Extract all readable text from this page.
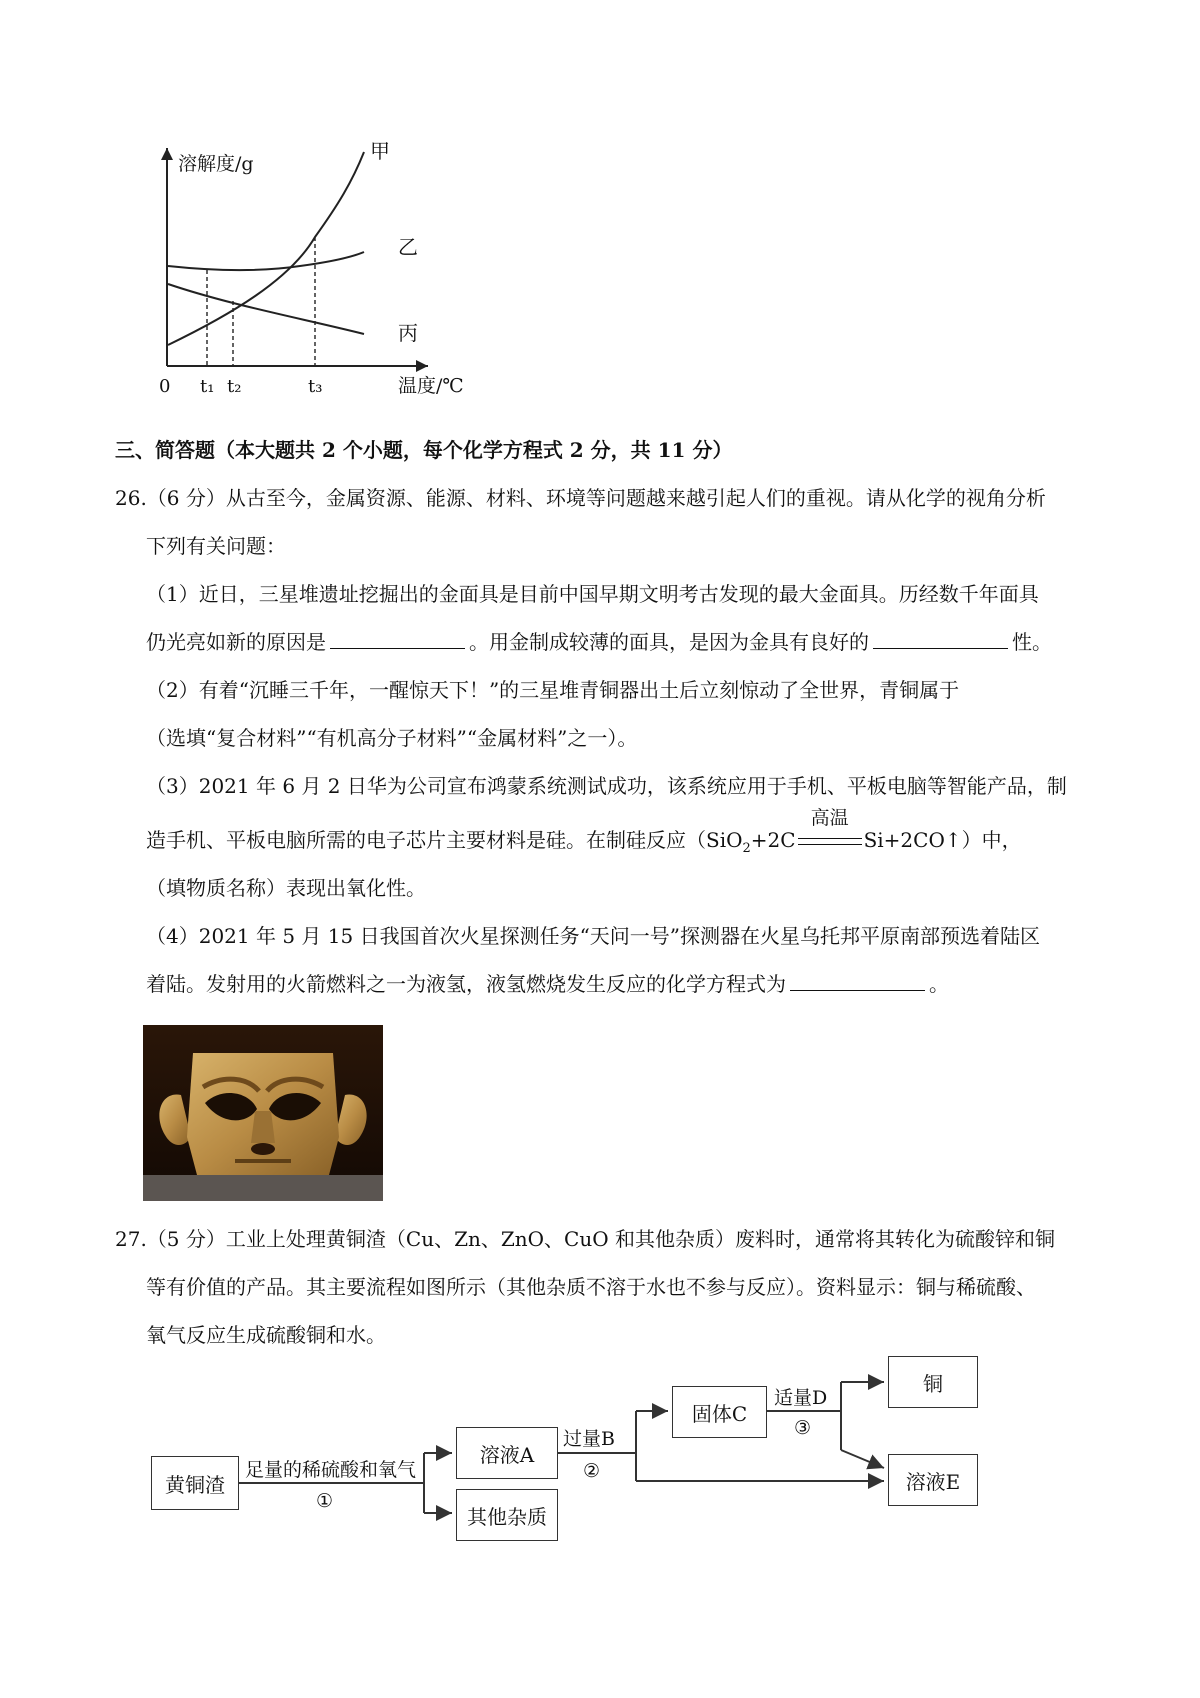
溶解度/g
温度/℃
0 t₁ t₂	t₃
甲
乙
丙
三、简答题（本大题共 2 个小题，每个化学方程式 2 分，共 11 分）
26.（6 分）从古至今，金属资源、能源、材料、环境等问题越来越引起人们的重视。请从化学的视角分析
下列有关问题：
（1）近日，三星堆遗址挖掘出的金面具是目前中国早期文明考古发现的最大金面具。历经数千年面具
仍光亮如新的原因是	。用金制成较薄的面具，是因为金具有良好的	性。
（2）有着“沉睡三千年，一醒惊天下！”的三星堆青铜器出土后立刻惊动了全世界，青铜属于
（选填“复合材料”“有机高分子材料”“金属材料”之一）。
（3）2021 年 6 月 2 日华为公司宣布鸿蒙系统测试成功，该系统应用于手机、平板电脑等智能产品，制
造手机、平板电脑所需的电子芯片主要材料是硅。在制硅反应（SiO$_2$+2C
高温
Si+2CO↑）中，
（填物质名称）表现出氧化性。
（4）2021 年 5 月 15 日我国首次火星探测任务“天问一号”探测器在火星乌托邦平原南部预选着陆区
着陆。发射用的火箭燃料之一为液氢，液氢燃烧发生反应的化学方程式为	。
27.（5 分）工业上处理黄铜渣（Cu、Zn、ZnO、CuO 和其他杂质）废料时，通常将其转化为硫酸锌和铜
等有价值的产品。其主要流程如图所示（其他杂质不溶于水也不参与反应）。资料显示：铜与稀硫酸、
氧气反应生成硫酸铜和水。
黄铜渣
溶液A
其他杂质
固体C
铜
溶液E
足量的稀硫酸和氧气
①
过量B
②
适量D
③
